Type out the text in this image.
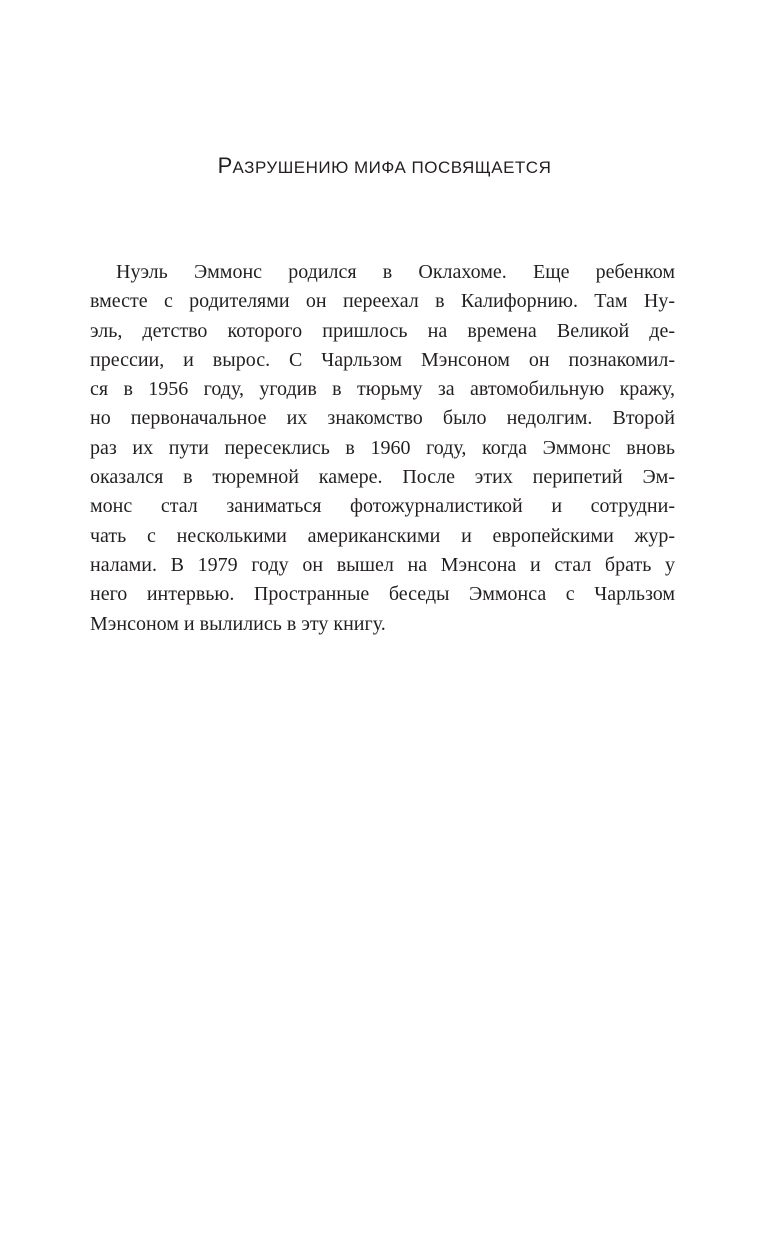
РАЗРУШЕНИЮ МИФА ПОСВЯЩАЕТСЯ
Нуэль Эммонс родился в Оклахоме. Еще ребенком
вместе с родителями он переехал в Калифорнию. Там Ну-
эль, детство которого пришлось на времена Великой де-
прессии, и вырос. С Чарльзом Мэнсоном он познакомил-
ся в 1956 году, угодив в тюрьму за автомобильную кражу,
но первоначальное их знакомство было недолгим. Второй
раз их пути пересеклись в 1960 году, когда Эммонс вновь
оказался в тюремной камере. После этих перипетий Эм-
монс стал заниматься фотожурналистикой и сотрудни-
чать с несколькими американскими и европейскими жур-
налами. В 1979 году он вышел на Мэнсона и стал брать у
него интервью. Пространные беседы Эммонса с Чарльзом
Мэнсоном и вылились в эту книгу.
